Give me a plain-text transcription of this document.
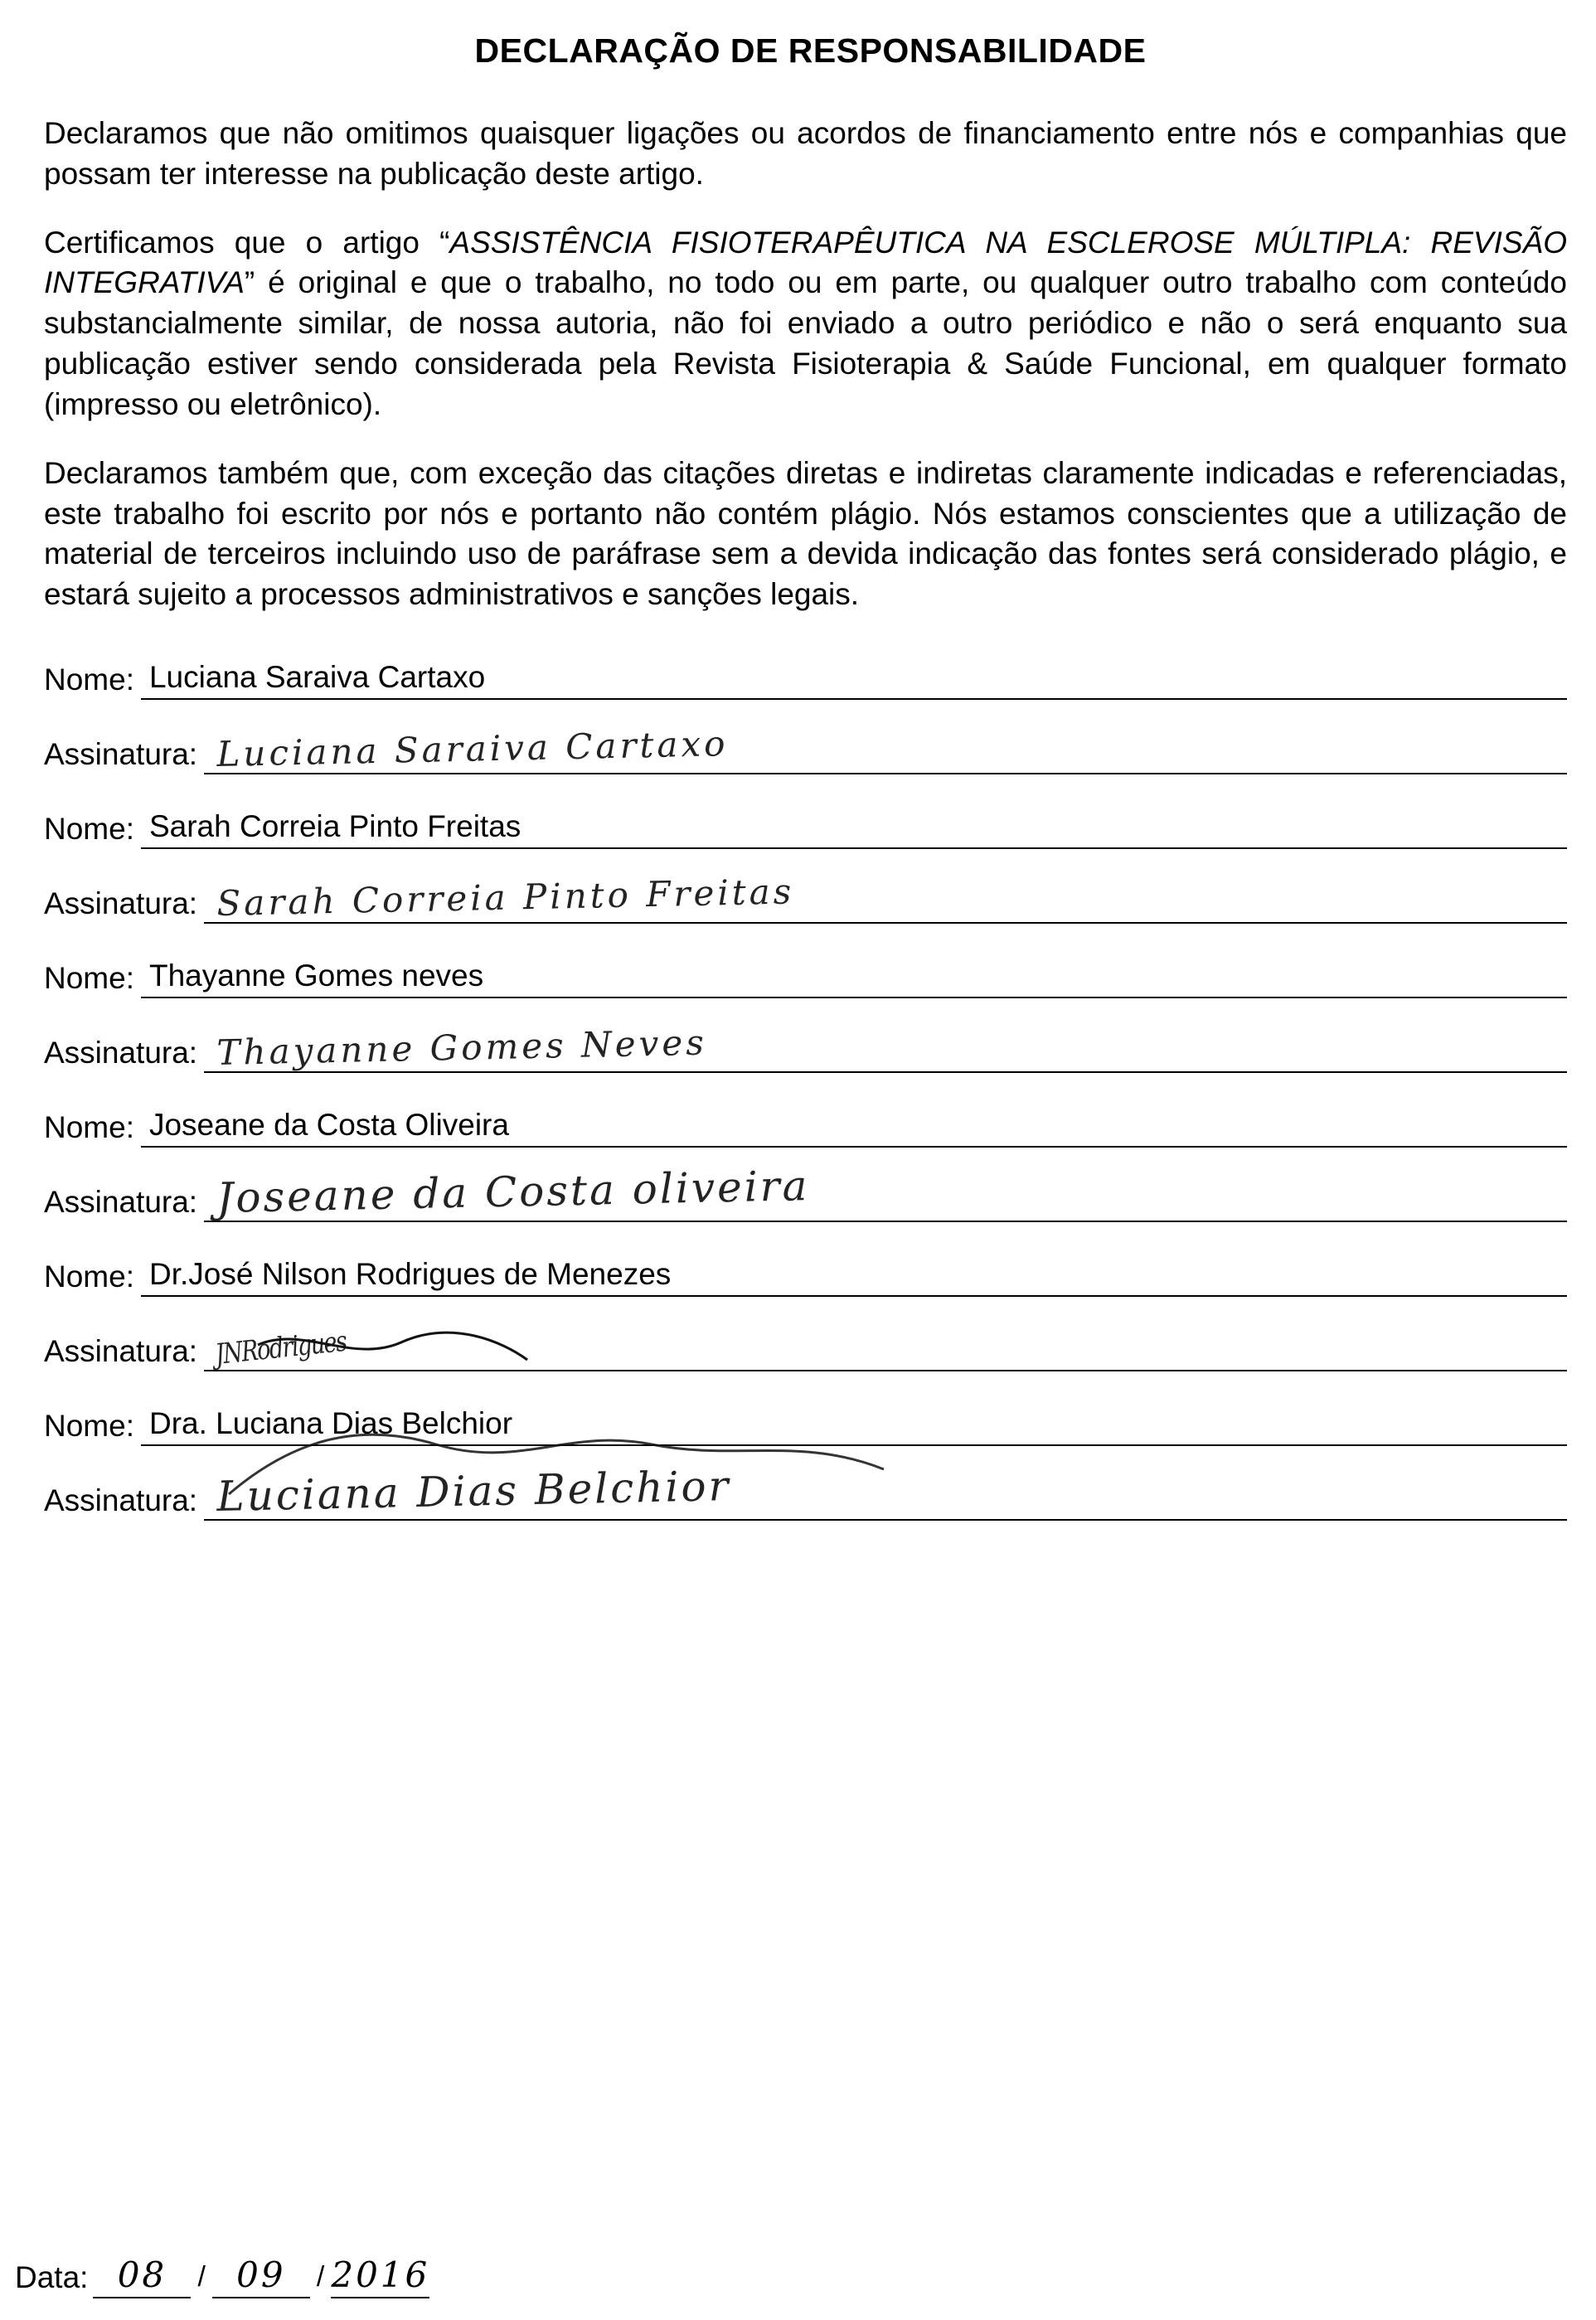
DECLARAÇÃO DE RESPONSABILIDADE

Declaramos que não omitimos quaisquer ligações ou acordos de financiamento entre nós e companhias que possam ter interesse na publicação deste artigo.

Certificamos que o artigo “ASSISTÊNCIA FISIOTERAPÊUTICA NA ESCLEROSE MÚLTIPLA: REVISÃO INTEGRATIVA” é original e que o trabalho, no todo ou em parte, ou qualquer outro trabalho com conteúdo substancialmente similar, de nossa autoria, não foi enviado a outro periódico e não o será enquanto sua publicação estiver sendo considerada pela Revista Fisioterapia & Saúde Funcional, em qualquer formato (impresso ou eletrônico).

Declaramos também que, com exceção das citações diretas e indiretas claramente indicadas e referenciadas, este trabalho foi escrito por nós e portanto não contém plágio. Nós estamos conscientes que a utilização de material de terceiros incluindo uso de paráfrase sem a devida indicação das fontes será considerado plágio, e estará sujeito a processos administrativos e sanções legais.

Nome: Luciana Saraiva Cartaxo
Assinatura: Luciana Saraiva Cartaxo
Nome: Sarah Correia Pinto Freitas
Assinatura: Sarah Correia Pinto Freitas
Nome: Thayanne Gomes neves
Assinatura: Thayanne Gomes Neves
Nome: Joseane da Costa Oliveira
Assinatura: Joseane da Costa oliveira
Nome: Dr.José Nilson Rodrigues de Menezes
Assinatura: JNRodrigues
Nome: Dra. Luciana Dias Belchior
Assinatura: Luciana Dias Belchior
Data: 08	/ 09	/ 2016
